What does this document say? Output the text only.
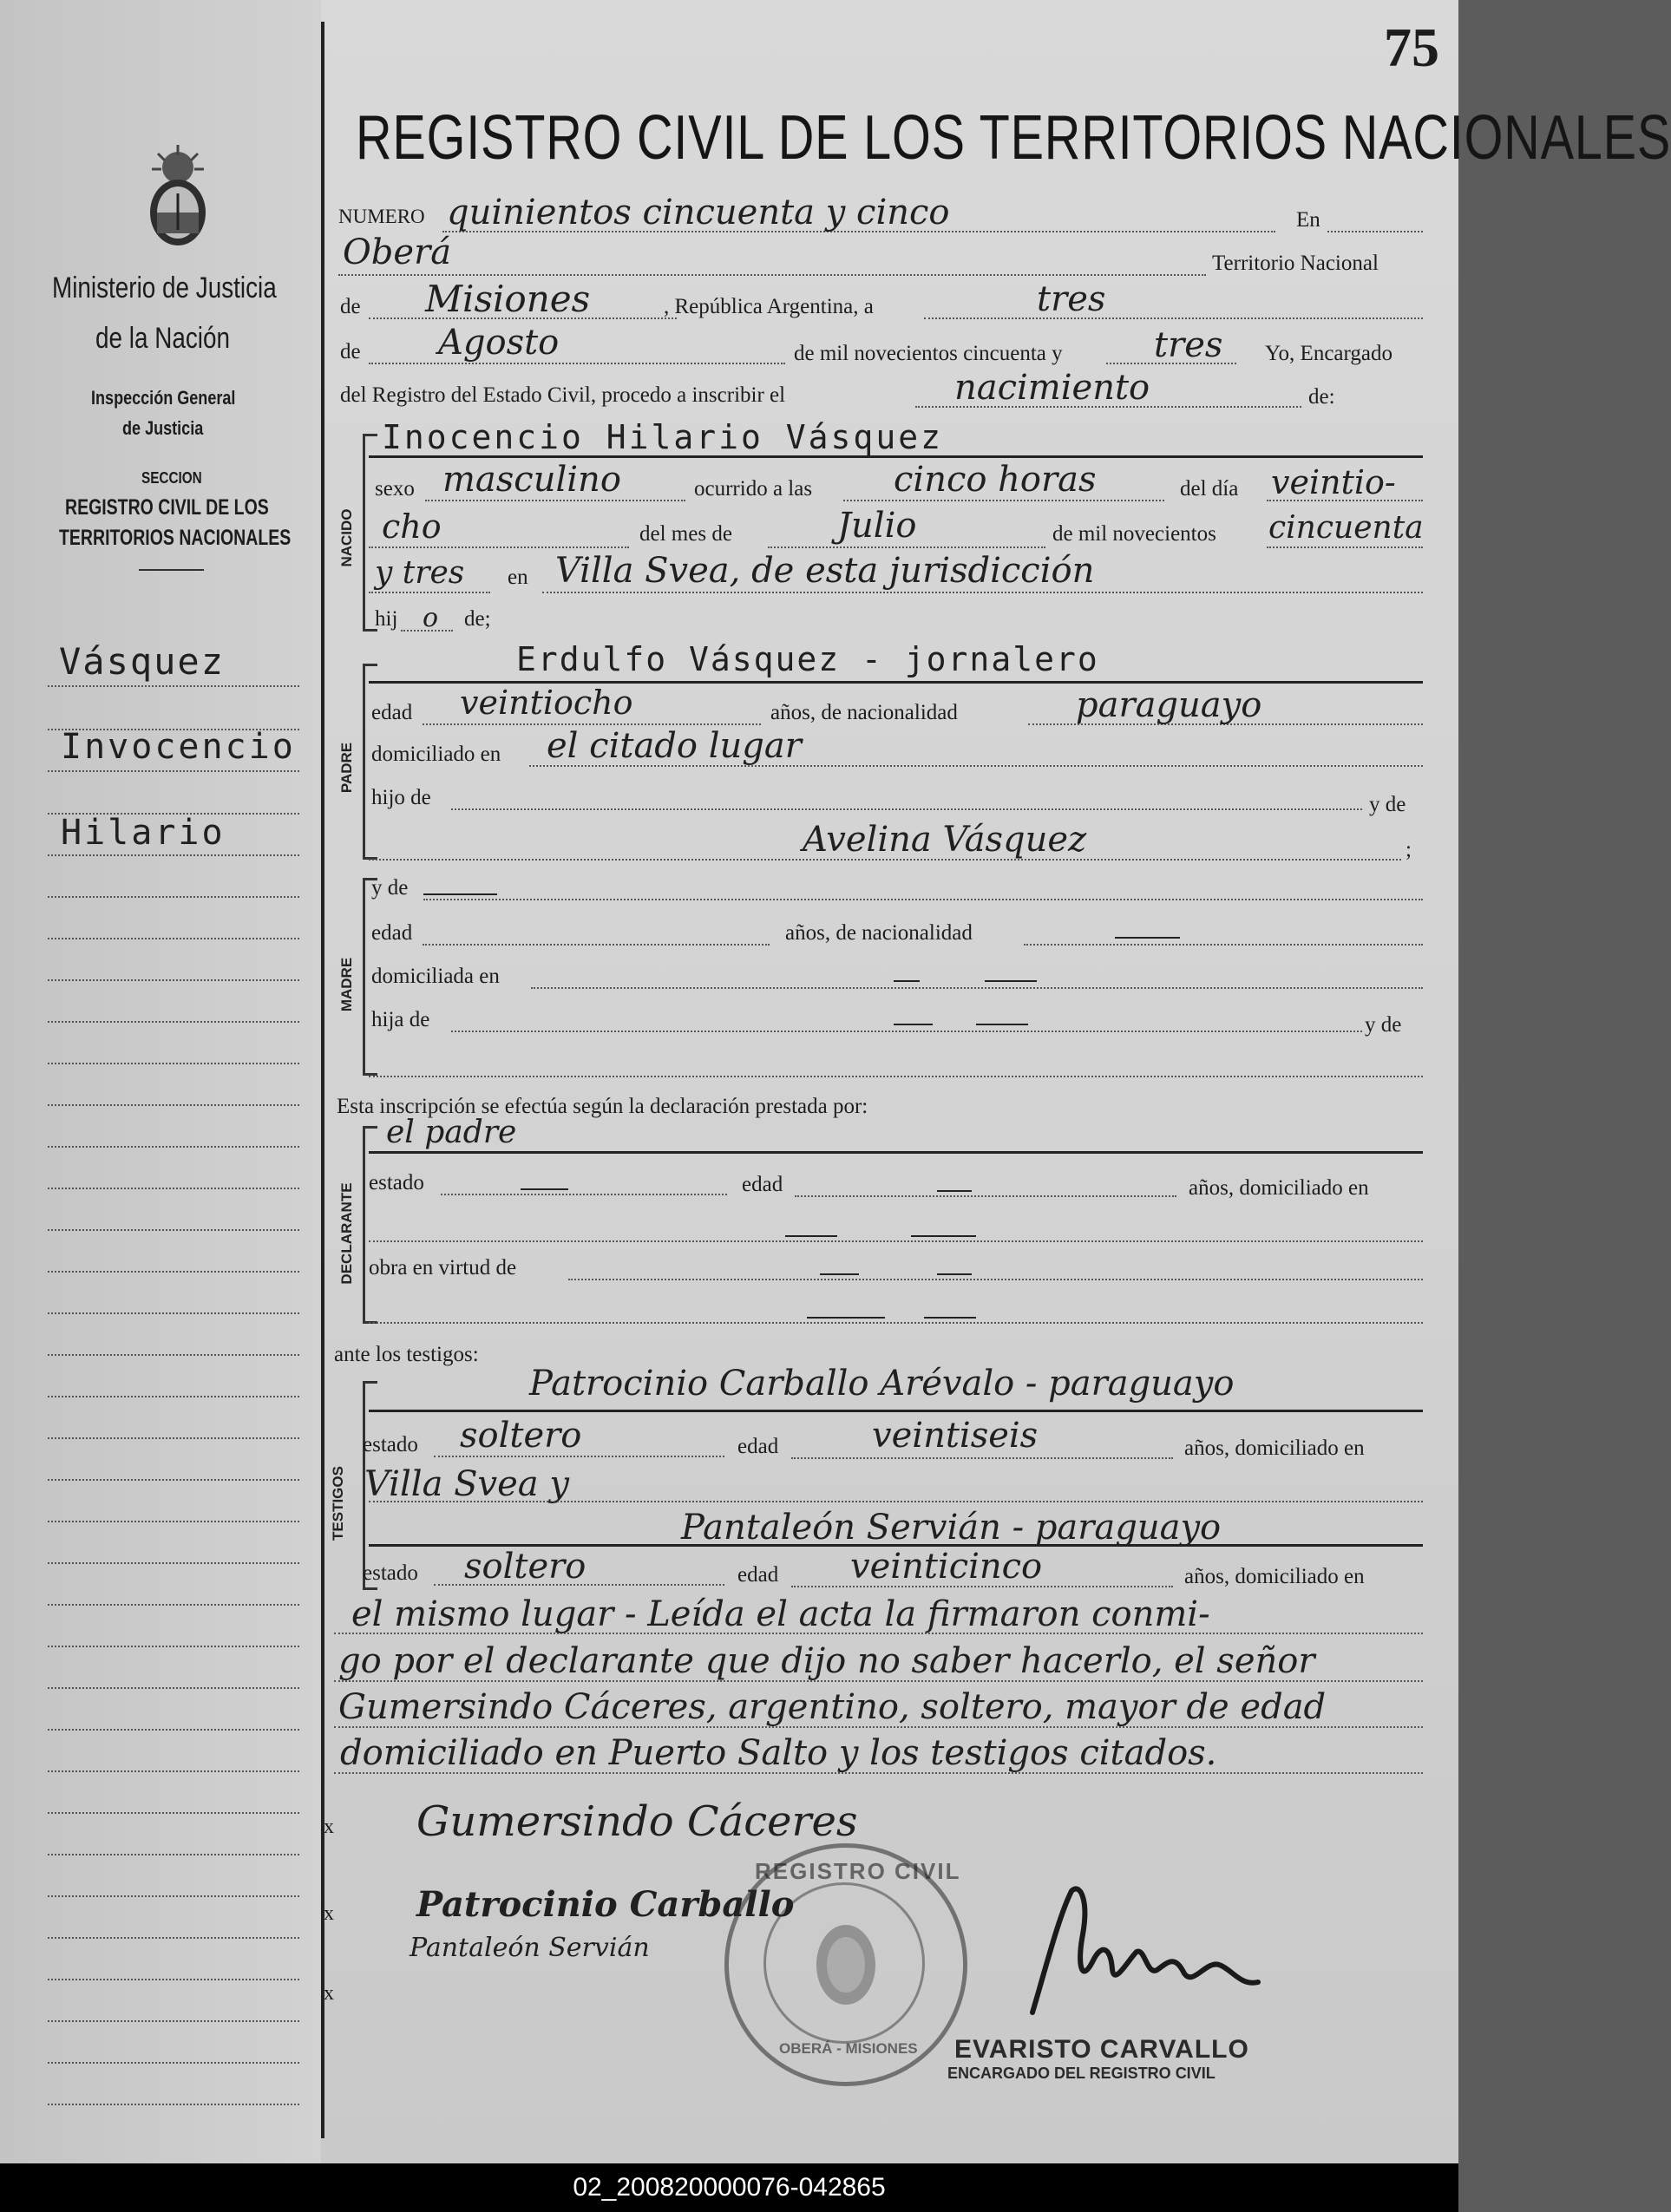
75
Ministerio de Justicia
de la Nación
Inspección General
de Justicia
SECCION
REGISTRO CIVIL DE LOS
TERRITORIOS NACIONALES
Vásquez
Invocencio
Hilario
REGISTRO CIVIL DE LOS TERRITORIOS NACIONALES
NUMERO quinientos cincuenta y cinco	En
Oberá	Territorio Nacional
de Misiones	, República Argentina, a	tres
de Agosto	de mil novecientos cincuenta y	tres Yo, Encargado
del Registro del Estado Civil, procedo a inscribir el	nacimiento	de:
NACIDO
Inocencio Hilario Vásquez
sexo masculino	ocurrido a las cinco horas	del día veintio-
cho	del mes de	Julio	de mil novecientos cincuenta
y tres en Villa Svea, de esta jurisdicción
hij o de;
PADRE
Erdulfo Vásquez - jornalero
edad veintiocho	años, de nacionalidad	paraguayo
domiciliado en el citado lugar
hijo de	y de
Avelina Vásquez	;
MADRE
y de
edad	años, de nacionalidad
domiciliada en
hija de	y de
Esta inscripción se efectúa según la declaración prestada por:
DECLARANTE
el padre
estado	edad	años, domiciliado en
obra en virtud de
ante los testigos:
TESTIGOS
Patrocinio Carballo Arévalo - paraguayo
estado soltero	edad	veintiseis	años, domiciliado en
Villa Svea y
Pantaleón Servián - paraguayo
estado soltero	edad veinticinco	años, domiciliado en
el mismo lugar - Leída el acta la firmaron conmi-
go por el declarante que dijo no saber hacerlo, el señor
Gumersindo Cáceres, argentino, soltero, mayor de edad
domiciliado en Puerto Salto y los testigos citados.
x Gumersindo Cáceres
x Patrocinio Carballo
Pantaleón Servián
x
REGISTRO CIVIL
OBERÁ - MISIONES EVARISTO CARVALLO
ENCARGADO DEL REGISTRO CIVIL
02_200820000076-042865
